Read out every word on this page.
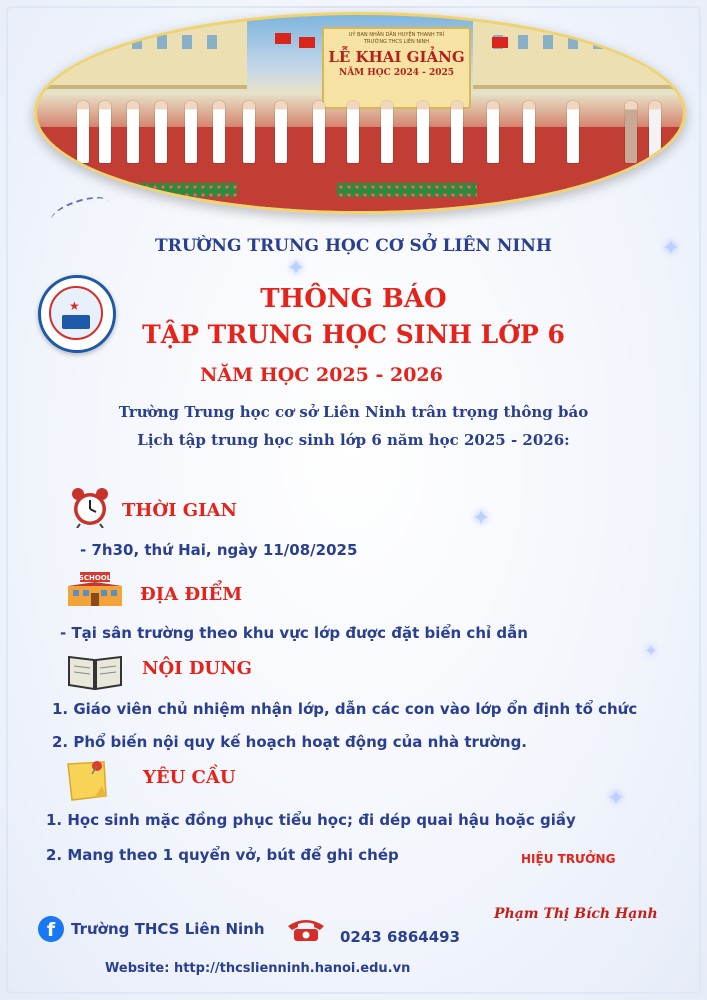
UỶ BAN NHÂN DÂN HUYỆN THANH TRÌ
TRƯỜNG THCS LIÊN NINH
LỄ KHAI GIẢNG
NĂM HỌC 2024 - 2025
✦
✦
✦
✦
✦
TRƯỜNG TRUNG HỌC CƠ SỞ LIÊN NINH
★	THÔNG BÁO
TẬP TRUNG HỌC SINH LỚP 6
NĂM HỌC 2025 - 2026
Trường Trung học cơ sở Liên Ninh trân trọng thông báo
Lịch tập trung học sinh lớp 6 năm học 2025 - 2026:
THỜI GIAN
- 7h30, thứ Hai, ngày 11/08/2025
SCHOOL
ĐỊA ĐIỂM
- Tại sân trường theo khu vực lớp được đặt biển chỉ dẫn
NỘI DUNG
1. Giáo viên chủ nhiệm nhận lớp, dẫn các con vào lớp ổn định tổ chức
2. Phổ biến nội quy kế hoạch hoạt động của nhà trường.
YÊU CẦU
1. Học sinh mặc đồng phục tiểu học; đi dép quai hậu hoặc giầy
2. Mang theo 1 quyển vở, bút để ghi chép	HIỆU TRƯỞNG
Phạm Thị Bích Hạnh
f	Trường THCS Liên Ninh	0243 6864493
Website: http://thcslienninh.hanoi.edu.vn
